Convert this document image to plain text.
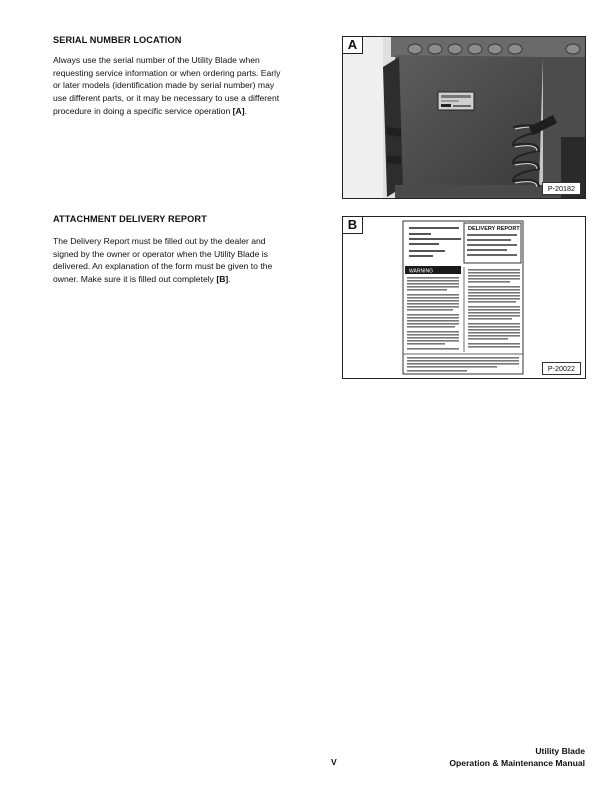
SERIAL NUMBER LOCATION
Always use the serial number of the Utility Blade when
requesting service information or when ordering parts. Early
or later models (identification made by serial number) may
use different parts, or it may be necessary to use a different
procedure in doing a specific service operation [A].
ATTACHMENT DELIVERY REPORT
The Delivery Report must be filled out by the dealer and
signed by the owner or operator when the Utility Blade is
delivered. An explanation of the form must be given to the
owner. Make sure it is filled out completely [B].
A
P-20182
B	DELIVERY REPORT
WARNING
P-20022
V
Utility Blade
Operation & Maintenance Manual
